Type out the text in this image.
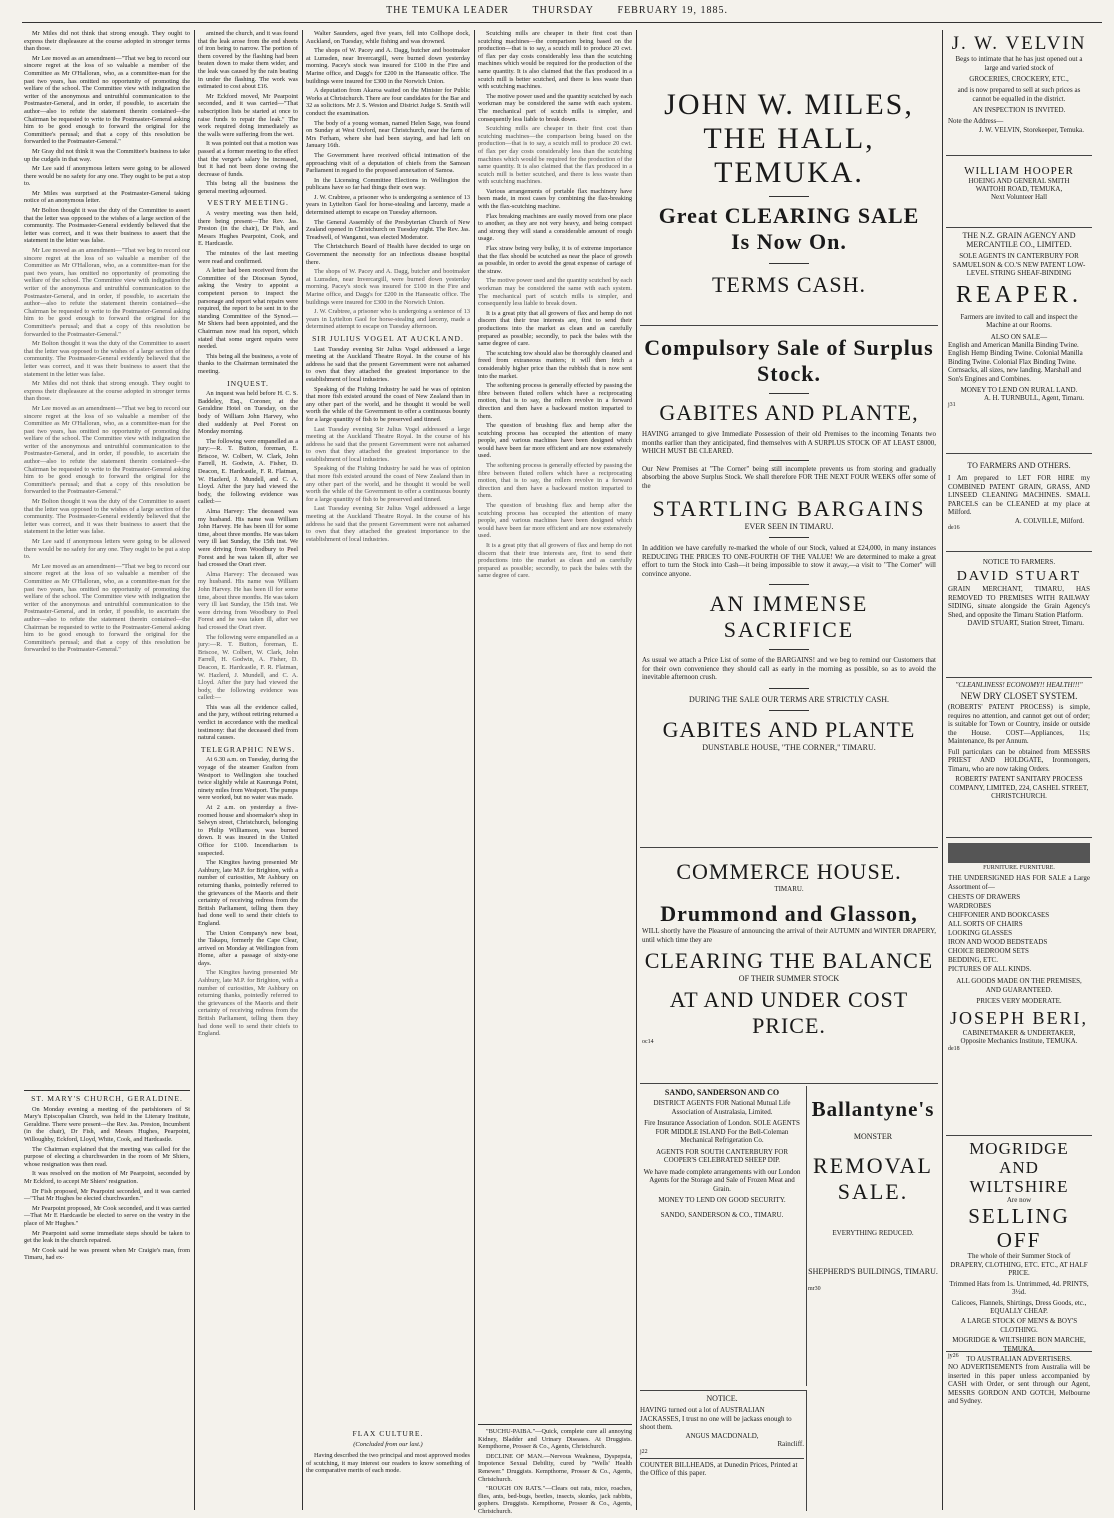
THE TEMUKA LEADER THURSDAY FEBRUARY 19, 1885.

Mr Miles did not think that strong enough. They ought to express their displeasure at the course adopted in stronger terms than those.

Mr Lee moved as an amendment—"That we beg to record our sincere regret at the loss of so valuable a member of the Committee as Mr O'Halloran, who, as a committee-man for the past two years, has omitted no opportunity of promoting the welfare of the school. The Committee view with indignation the writer of the anonymous and untruthful communication to the Postmaster-General, and in order, if possible, to ascertain the author—also to refute the statement therein contained—the Chairman be requested to write to the Postmaster-General asking him to be good enough to forward the original for the Committee's perusal; and that a copy of this resolution be forwarded to the Postmaster-General."

Mr Gray did not think it was the Committee's business to take up the cudgels in that way.

Mr Lee said if anonymous letters were going to be allowed there would be no safety for any one. They ought to be put a stop to.

Mr Miles was surprised at the Postmaster-General taking notice of an anonymous letter.

Mr Bolton thought it was the duty of the Committee to assert that the letter was opposed to the wishes of a large section of the community. The Postmaster-General evidently believed that the letter was correct, and it was their business to assert that the statement in the letter was false.

Mr Lee moved as an amendment—"That we beg to record our sincere regret at the loss of so valuable a member of the Committee as Mr O'Halloran, who, as a committee-man for the past two years, has omitted no opportunity of promoting the welfare of the school. The Committee view with indignation the writer of the anonymous and untruthful communication to the Postmaster-General, and in order, if possible, to ascertain the author—also to refute the statement therein contained—the Chairman be requested to write to the Postmaster-General asking him to be good enough to forward the original for the Committee's perusal; and that a copy of this resolution be forwarded to the Postmaster-General."

Mr Bolton thought it was the duty of the Committee to assert that the letter was opposed to the wishes of a large section of the community. The Postmaster-General evidently believed that the letter was correct, and it was their business to assert that the statement in the letter was false.

Mr Miles did not think that strong enough. They ought to express their displeasure at the course adopted in stronger terms than those.

Mr Lee moved as an amendment—"That we beg to record our sincere regret at the loss of so valuable a member of the Committee as Mr O'Halloran, who, as a committee-man for the past two years, has omitted no opportunity of promoting the welfare of the school. The Committee view with indignation the writer of the anonymous and untruthful communication to the Postmaster-General, and in order, if possible, to ascertain the author—also to refute the statement therein contained—the Chairman be requested to write to the Postmaster-General asking him to be good enough to forward the original for the Committee's perusal; and that a copy of this resolution be forwarded to the Postmaster-General."

Mr Bolton thought it was the duty of the Committee to assert that the letter was opposed to the wishes of a large section of the community. The Postmaster-General evidently believed that the letter was correct, and it was their business to assert that the statement in the letter was false.

Mr Lee said if anonymous letters were going to be allowed there would be no safety for any one. They ought to be put a stop to.

Mr Lee moved as an amendment—"That we beg to record our sincere regret at the loss of so valuable a member of the Committee as Mr O'Halloran, who, as a committee-man for the past two years, has omitted no opportunity of promoting the welfare of the school. The Committee view with indignation the writer of the anonymous and untruthful communication to the Postmaster-General, and in order, if possible, to ascertain the author—also to refute the statement therein contained—the Chairman be requested to write to the Postmaster-General asking him to be good enough to forward the original for the Committee's perusal; and that a copy of this resolution be forwarded to the Postmaster-General."

ST. MARY'S CHURCH, GERALDINE.

On Monday evening a meeting of the parishioners of St Mary's Episcopalian Church, was held in the Literary Institute, Geraldine. There were present—the Rev. Jas. Preston, Incumbent (in the chair), Dr Fish, and Messrs Hughes, Pearpoint, Willoughby, Eckford, Lloyd, White, Cook, and Hardcastle.

The Chairman explained that the meeting was called for the purpose of electing a churchwarden in the room of Mr Shiers, whose resignation was then read.

It was resolved on the motion of Mr Pearpoint, seconded by Mr Eckford, to accept Mr Shiers' resignation.

Dr Fish proposed, Mr Pearpoint seconded, and it was carried—"That Mr Hughes be elected churchwarden."

Mr Pearpoint proposed, Mr Cook seconded, and it was carried—That Mr E Hardcastle be elected to serve on the vestry in the place of Mr Hughes."

Mr Pearpoint said some immediate steps should be taken to get the leak in the church repaired.

Mr Cook said he was present when Mr Craigie's man, from Timaru, had ex-

amined the church, and it was found that the leak arose from the end sheets of iron being to narrow. The portion of them covered by the flashing had been beaten down to make them wider, and the leak was caused by the rain beating in under the flashing. The work was estimated to cost about £16.

Mr Eckford moved, Mr Pearpoint seconded, and it was carried—"That subscription lists be started at once to raise funds to repair the leak." The work required doing immediately as the walls were suffering from the wet.

It was pointed out that a motion was passed at a former meeting to the effect that the verger's salary be increased, but it had not been done owing the decrease of funds.

This being all the business the general meeting adjourned.

VESTRY MEETING.

A vestry meeting was then held, there being present—The Rev. Jas. Preston (in the chair), Dr Fish, and Messrs Hughes Pearpoint, Cook, and E. Hardcastle.

The minutes of the last meeting were read and confirmed.

A letter had been received from the Committee of the Diocesan Synod, asking the Vestry to appoint a competent person to inspect the parsonage and report what repairs were required, the report to be sent in to the standing Committee of the Synod.—Mr Shiers had been appointed, and the Chairman now read his report, which stated that some urgent repairs were needed.

This being all the business, a vote of thanks to the Chairman terminated the meeting.

INQUEST.

An inquest was held before H. C. S. Baddeley, Esq., Coroner, at the Geraldine Hotel on Tuesday, on the body of William John Harvey, who died suddenly at Peel Forest on Monday morning.

The following were empanelled as a jury:—R. T. Button, foreman, E. Briscoe, W. Colbert, W. Clark, John Farrell, H. Godwin, A. Fisher, D. Deacon, E. Hardcastle, F. R. Flatman, W. Hazlerd, J. Mundell, and C. A. Lloyd. After the jury had viewed the body, the following evidence was called:—

Alma Harvey: The deceased was my husband. His name was William John Harvey. He has been ill for some time, about three months. He was taken very ill last Sunday, the 15th inst. We were driving from Woodbury to Peel Forest and he was taken ill, after we had crossed the Orari river.

Alma Harvey: The deceased was my husband. His name was William John Harvey. He has been ill for some time, about three months. He was taken very ill last Sunday, the 15th inst. We were driving from Woodbury to Peel Forest and he was taken ill, after we had crossed the Orari river.

The following were empanelled as a jury:—R. T. Button, foreman, E. Briscoe, W. Colbert, W. Clark, John Farrell, H. Godwin, A. Fisher, D. Deacon, E. Hardcastle, F. R. Flatman, W. Hazlerd, J. Mundell, and C. A. Lloyd. After the jury had viewed the body, the following evidence was called:—

This was all the evidence called, and the jury, without retiring returned a verdict in accordance with the medical testimony: that the deceased died from natural causes.

TELEGRAPHIC NEWS.

At 6.30 a.m. on Tuesday, during the voyage of the steamer Grafton from Westport to Wellington she touched twice slightly while at Kaurunga Point, ninety miles from Westport. The pumps were worked, but no water was made.

At 2 a.m. on yesterday a five-roomed house and shoemaker's shop in Selwyn street, Christchurch, belonging to Philip Williamson, was burned down. It was insured in the United Office for £100. Incendiarism is suspected.

The Kingites having presented Mr Ashbury, late M.P. for Brighton, with a number of curiosities, Mr Ashbury on returning thanks, pointedly referred to the grievances of the Maoris and their certainty of receiving redress from the British Parliament, telling them they had done well to send their chiefs to England.

The Union Company's new boat, the Takapu, formerly the Cape Clear, arrived on Monday at Wellington from Home, after a passage of sixty-one days.

The Kingites having presented Mr Ashbury, late M.P. for Brighton, with a number of curiosities, Mr Ashbury on returning thanks, pointedly referred to the grievances of the Maoris and their certainty of receiving redress from the British Parliament, telling them they had done well to send their chiefs to England.

Walter Saunders, aged five years, fell into Collhope dock, Auckland, on Tuesday, while fishing and was drowned.

The shops of W. Pacey and A. Dagg, butcher and bootmaker at Lumsden, near Invercargill, were burned down yesterday morning. Pacey's stock was insured for £100 in the Fire and Marine office, and Dagg's for £200 in the Hanseatic office. The buildings were insured for £300 in the Norwich Union.

A deputation from Akaroa waited on the Minister for Public Works at Christchurch. There are four candidates for the Bar and 32 as solicitors. Mr J. S. Weston and District Judge S. Smith will conduct the examination.

The body of a young woman, named Helen Sage, was found on Sunday at West Oxford, near Christchurch, near the farm of Mrs Ferham, where she had been staying, and had left on January 16th.

The Government have received official intimation of the approaching visit of a deputation of chiefs from the Samoan Parliament in regard to the proposed annexation of Samoa.

In the Licensing Committee Elections in Wellington the publicans have so far had things their own way.

J. W. Crabtree, a prisoner who is undergoing a sentence of 13 years in Lyttelton Gaol for horse-stealing and larceny, made a determined attempt to escape on Tuesday afternoon.

The General Assembly of the Presbyterian Church of New Zealand opened in Christchurch on Tuesday night. The Rev. Jas. Treadwell, of Wanganui, was elected Moderator.

The Christchurch Board of Health have decided to urge on Government the necessity for an infectious disease hospital there.

The shops of W. Pacey and A. Dagg, butcher and bootmaker at Lumsden, near Invercargill, were burned down yesterday morning. Pacey's stock was insured for £100 in the Fire and Marine office, and Dagg's for £200 in the Hanseatic office. The buildings were insured for £300 in the Norwich Union.

J. W. Crabtree, a prisoner who is undergoing a sentence of 13 years in Lyttelton Gaol for horse-stealing and larceny, made a determined attempt to escape on Tuesday afternoon.

SIR JULIUS VOGEL AT AUCKLAND.

Last Tuesday evening Sir Julius Vogel addressed a large meeting at the Auckland Theatre Royal. In the course of his address he said that the present Government were not ashamed to own that they attached the greatest importance to the establishment of local industries.

Speaking of the Fishing Industry he said he was of opinion that more fish existed around the coast of New Zealand than in any other part of the world, and he thought it would be well worth the while of the Government to offer a continuous bounty for a large quantity of fish to be preserved and tinned.

Last Tuesday evening Sir Julius Vogel addressed a large meeting at the Auckland Theatre Royal. In the course of his address he said that the present Government were not ashamed to own that they attached the greatest importance to the establishment of local industries.

Speaking of the Fishing Industry he said he was of opinion that more fish existed around the coast of New Zealand than in any other part of the world, and he thought it would be well worth the while of the Government to offer a continuous bounty for a large quantity of fish to be preserved and tinned.

Last Tuesday evening Sir Julius Vogel addressed a large meeting at the Auckland Theatre Royal. In the course of his address he said that the present Government were not ashamed to own that they attached the greatest importance to the establishment of local industries.

FLAX CULTURE.
(Concluded from our last.)

Having described the two principal and most approved modes of scutching, it may interest our readers to know something of the comparative merits of each mode.

Scutching mills are cheaper in their first cost than scutching machines—the comparison being based on the production—that is to say, a scutch mill to produce 20 cwt. of flax per day costs considerably less than the scutching machines which would be required for the production of the same quantity. It is also claimed that the flax produced in a scutch mill is better scutched, and there is less waste than with scutching machines.

The motive power used and the quantity scutched by each workman may be considered the same with each system. The mechanical part of scutch mills is simpler, and consequently less liable to break down.

Scutching mills are cheaper in their first cost than scutching machines—the comparison being based on the production—that is to say, a scutch mill to produce 20 cwt. of flax per day costs considerably less than the scutching machines which would be required for the production of the same quantity. It is also claimed that the flax produced in a scutch mill is better scutched, and there is less waste than with scutching machines.

Various arrangements of portable flax machinery have been made, in most cases by combining the flax-breaking with the flax-scutching machine.

Flax breaking machines are easily moved from one place to another, as they are not very heavy, and being compact and strong they will stand a considerable amount of rough usage.

Flax straw being very bulky, it is of extreme importance that the flax should be scutched as near the place of growth as possible, in order to avoid the great expense of cartage of the straw.

The motive power used and the quantity scutched by each workman may be considered the same with each system. The mechanical part of scutch mills is simpler, and consequently less liable to break down.

It is a great pity that all growers of flax and hemp do not discern that their true interests are, first to send their productions into the market as clean and as carefully prepared as possible; secondly, to pack the bales with the same degree of care.

The scutching tow should also be thoroughly cleaned and freed from extraneous matters; it will then fetch a considerably higher price than the rubbish that is now sent into the market.

The softening process is generally effected by passing the fibre between fluted rollers which have a reciprocating motion, that is to say, the rollers revolve in a forward direction and then have a backward motion imparted to them.

The question of brushing flax and hemp after the scutching process has occupied the attention of many people, and various machines have been designed which would have been far more efficient and are now extensively used.

The softening process is generally effected by passing the fibre between fluted rollers which have a reciprocating motion, that is to say, the rollers revolve in a forward direction and then have a backward motion imparted to them.

The question of brushing flax and hemp after the scutching process has occupied the attention of many people, and various machines have been designed which would have been far more efficient and are now extensively used.

It is a great pity that all growers of flax and hemp do not discern that their true interests are, first to send their productions into the market as clean and as carefully prepared as possible; secondly, to pack the bales with the same degree of care.

"BUCHU-PAIBA."—Quick, complete cure all annoying Kidney, Bladder and Urinary Diseases. At Druggists. Kempthorne, Prosser & Co., Agents, Christchurch.

DECLINE OF MAN.—Nervous Weakness, Dyspepsia, Impotence Sexual Debility, cured by "Wells' Health Renewer." Druggists. Kempthorne, Prosser & Co., Agents, Christchurch.

"ROUGH ON RATS."—Clears out rats, mice, roaches, flies, ants, bed-bugs, beetles, insects, skunks, jack rabbits, gophers. Druggists. Kempthorne, Prosser & Co., Agents, Christchurch.

JOHN W. MILES,
THE HALL, TEMUKA.
Great CLEARING SALE
Is Now On.
TERMS CASH.
Compulsory Sale of Surplus Stock.
GABITES AND PLANTE,
HAVING arranged to give Immediate Possession of their old Premises to the incoming Tenants two months earlier than they anticipated, find themselves with A SURPLUS STOCK OF AT LEAST £8000, WHICH MUST BE CLEARED.
Our New Premises at "The Corner" being still incomplete prevents us from storing and gradually absorbing the above Surplus Stock. We shall therefore FOR THE NEXT FOUR WEEKS offer some of the
STARTLING BARGAINS
EVER SEEN IN TIMARU.
In addition we have carefully re-marked the whole of our Stock, valued at £24,000, in many instances REDUCING THE PRICES TO ONE-FOURTH OF THE VALUE! We are determined to make a great effort to turn the Stock into Cash—it being impossible to stow it away,—a visit to "The Corner" will convince anyone.
AN IMMENSE SACRIFICE
As usual we attach a Price List of some of the BARGAINS! and we beg to remind our Customers that for their own convenience they should call as early in the morning as possible, so as to avoid the inevitable afternoon crush.
DURING THE SALE OUR TERMS ARE STRICTLY CASH.
GABITES AND PLANTE
DUNSTABLE HOUSE, "THE CORNER," TIMARU.
COMMERCE HOUSE.
TIMARU.
Drummond and Glasson,
WILL shortly have the Pleasure of announcing the arrival of their AUTUMN and WINTER DRAPERY, until which time they are
CLEARING THE BALANCE
OF THEIR SUMMER STOCK
AT AND UNDER COST PRICE.
oc14
SANDO, SANDERSON AND CO
DISTRICT AGENTS FOR National Mutual Life Association of Australasia, Limited.
Fire Insurance Association of London. SOLE AGENTS FOR MIDDLE ISLAND For the Bell-Coleman Mechanical Refrigeration Co.
AGENTS FOR SOUTH CANTERBURY FOR COOPER'S CELEBRATED SHEEP DIP.
We have made complete arrangements with our London Agents for the Storage and Sale of Frozen Meat and Grain.
MONEY TO LEND ON GOOD SECURITY.
SANDO, SANDERSON & CO., TIMARU.
Ballantyne's
MONSTER
REMOVAL SALE.
EVERYTHING REDUCED.
SHEPHERD'S BUILDINGS, TIMARU.
mr30
NOTICE.
HAVING turned out a lot of AUSTRALIAN JACKASSES, I trust no one will be jackass enough to shoot them.
ANGUS MACDONALD,
Raincliff.
j22
COUNTER BILLHEADS, at Dunedin Prices, Printed at the Office of this paper.
J. W. VELVIN
Begs to intimate that he has just opened out a large and varied stock of
GROCERIES, CROCKERY, ETC.,
and is now prepared to sell at such prices as cannot be equalled in the district.
AN INSPECTION IS INVITED.
Note the Address—
J. W. VELVIN, Storekeeper, Temuka.
WILLIAM HOOPER
HOEING AND GENERAL SMITH
WAITOHI ROAD, TEMUKA,
Next Volunteer Hall
THE N.Z. GRAIN AGENCY AND MERCANTILE CO., LIMITED.
SOLE AGENTS IN CANTERBURY FOR SAMUELSON & CO.'S NEW PATENT LOW-LEVEL STRING SHEAF-BINDING
REAPER.
Farmers are invited to call and inspect the Machine at our Rooms.
ALSO ON SALE—
English and American Manilla Binding Twine. English Hemp Binding Twine. Colonial Manilla Binding Twine. Colonial Flax Binding Twine. Cornsacks, all sizes, new landing. Marshall and Son's Engines and Combines.
MONEY TO LEND ON RURAL LAND.
A. H. TURNBULL, Agent, Timaru.
j31
TO FARMERS AND OTHERS.
I Am prepared to LET FOR HIRE my COMBINED PATENT GRAIN, GRASS, AND LINSEED CLEANING MACHINES. SMALL PARCELS can be CLEANED at my place at Milford.
A. COLVILLE, Milford.
de16
NOTICE TO FARMERS.
DAVID STUART
GRAIN MERCHANT, TIMARU, HAS REMOVED TO PREMISES WITH RAILWAY SIDING, situate alongside the Grain Agency's Shed, and opposite the Timaru Station Platform.
DAVID STUART, Station Street, Timaru.
"CLEANLINESS! ECONOMY!! HEALTH!!!"
NEW DRY CLOSET SYSTEM.
(ROBERTS' PATENT PROCESS) is simple, requires no attention, and cannot get out of order; is suitable for Town or Country, inside or outside the House. COST—Appliances, 11s; Maintenance, 8s per Annum.
Full particulars can be obtained from MESSRS PRIEST AND HOLDGATE, Ironmongers, Timaru, who are now taking Orders.
ROBERTS' PATENT SANITARY PROCESS COMPANY, LIMITED, 224, CASHEL STREET, CHRISTCHURCH.
FURNITURE. FURNITURE.
THE UNDERSIGNED HAS FOR SALE a Large Assortment of—
CHESTS OF DRAWERS
WARDROBES
CHIFFONIER AND BOOKCASES
ALL SORTS OF CHAIRS
LOOKING GLASSES
IRON AND WOOD BEDSTEADS
CHOICE BEDROOM SETS
BEDDING, ETC.
PICTURES OF ALL KINDS.
ALL GOODS MADE ON THE PREMISES, AND GUARANTEED.
PRICES VERY MODERATE.
JOSEPH BERI,
CABINETMAKER & UNDERTAKER,
Opposite Mechanics Institute, TEMUKA.
de18
MOGRIDGE AND
WILTSHIRE
Are now
SELLING OFF
The whole of their Summer Stock of
DRAPERY, CLOTHING, ETC. ETC., AT HALF PRICE.
Trimmed Hats from 1s. Untrimmed, 4d. PRINTS, 3½d.
Calicoes, Flannels, Shirtings, Dress Goods, etc.,
EQUALLY CHEAP.
A LARGE STOCK OF MEN'S & BOY'S CLOTHING.
MOGRIDGE & WILTSHIRE BON MARCHE, TEMUKA.
jy26	TO AUSTRALIAN ADVERTISERS.
NO ADVERTISEMENTS from Australia will be inserted in this paper unless accompanied by CASH with Order, or sent through our Agent, MESSRS GORDON AND GOTCH, Melbourne and Sydney.
